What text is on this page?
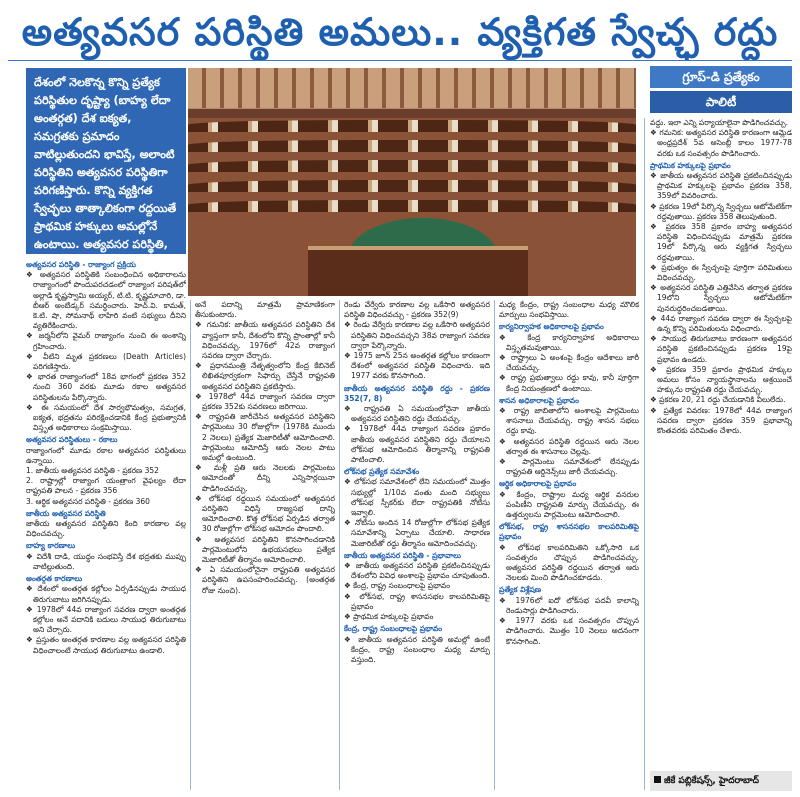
అత్యవసర పరిస్థితి అమలు.. వ్యక్తిగత స్వేచ్ఛ రద్దు
దేశంలో నెలకొన్న కొన్ని ప్రత్యేక పరిస్థితుల దృష్ట్యా (బాహ్య లేదా అంతర్గత) దేశ ఐక్యత, సమగ్రతకు ప్రమాదం వాటిల్లుతుందని భావిస్తే, అలాంటి పరిస్థితిని అత్యవసర పరిస్థితిగా పరిగణిస్తారు. కొన్ని వ్యక్తిగత స్వేచ్ఛలు తాత్కాలికంగా రద్దయితే ప్రాథమిక హక్కులు అమల్లోనే ఉంటాయి. అత్యవసర పరిస్థితి,
గ్రూప్-డి ప్రత్యేకం
పాలిటీ
అత్యవసర పరిస్థితి - రాజ్యాంగ ప్రక్రియ
❖ అత్యవసర పరిస్థితికి సంబంధించిన అధికారాలను రాజ్యాంగంలో పొందుపరచడంలో రాజ్యాంగ పరిషత్‌లో అల్లాడి కృష్ణస్వామి అయ్యర్, టి.టి. కృష్ణమాచారి, డా. బీఆర్ అంబేడ్కర్ సమర్థించారు. హెచ్.వి. కామత్, కె.టి. షా, సోమనాథ్ లాహిరి వంటి సభ్యులు దీనిని వ్యతిరేకించారు.
❖ జర్మనీలోని వైమర్ రాజ్యాంగం నుంచి ఈ అంశాన్ని గ్రహించారు.
❖ వీటిని మృత ప్రకరణలు (Death Articles) పరిగణిస్తారు.
❖ భారత రాజ్యాంగంలో 18వ భాగంలో ప్రకరణ 352 నుంచి 360 వరకు మూడు రకాల అత్యవసర పరిస్థితులను పేర్కొన్నారు.
❖ ఈ సమయంలో దేశ సార్వభౌమత్వం, సమగ్రత, ఐక్యత, భద్రతను పరిరక్షించడానికి కేంద్ర ప్రభుత్వానికి విస్తృత అధికారాలు సంక్రమిస్తాయి.
అత్యవసర పరిస్థితులు - రకాలు
రాజ్యాంగంలో మూడు రకాల అత్యవసర పరిస్థితులు ఉన్నాయి.
1. జాతీయ అత్యవసర పరిస్థితి - ప్రకరణ 352
2. రాష్ట్రాల్లో రాజ్యాంగ యంత్రాంగ వైఫల్యం లేదా రాష్ట్రపతి పాలన - ప్రకరణ 356
3. ఆర్థిక అత్యవసర పరిస్థితి - ప్రకరణ 360
జాతీయ అత్యవసర పరిస్థితి
జాతీయ అత్యవసర పరిస్థితిని కింది కారణాల వల్ల విధించవచ్చు.
బాహ్య కారణాలు
❖ విదేశీ దాడి, యుద్ధం సంభవిస్తే దేశ భద్రతకు ముప్పు వాటిల్లుతుంది.
అంతర్గత కారణాలు
❖ దేశంలో అంతర్గత కల్లోలం ఏర్పడినప్పుడు సాయుధ తిరుగుబాటు జరిగినప్పుడు.
❖ 1978లో 44వ రాజ్యాంగ సవరణ ద్వారా అంతర్గత కల్లోలం అనే పదానికి బదులు సాయుధ తిరుగుబాటు అని చేర్చారు.
❖ ప్రస్తుతం అంతర్గత కారణాల వల్ల అత్యవసర పరిస్థితి విధించాలంటే సాయుధ తిరుగుబాటు ఉండాలి.
అనే పదాన్ని మాత్రమే ప్రామాణికంగా తీసుకుంటారు.
❖ గమనిక: జాతీయ అత్యవసర పరిస్థితిని దేశ వ్యాప్తంగా కానీ, దేశంలోని కొన్ని ప్రాంతాల్లో కానీ విధించవచ్చు. 1976లో 42వ రాజ్యాంగ సవరణ ద్వారా చేర్చారు.
❖ ప్రధానమంత్రి నేతృత్వంలోని కేంద్ర కేబినెట్ లిఖితపూర్వకంగా సిఫార్సు చేస్తేనే రాష్ట్రపతి అత్యవసర పరిస్థితిని ప్రకటిస్తారు.
❖ 1978లో 44వ రాజ్యాంగ సవరణ ద్వారా ప్రకరణ 352కు సవరణలు జరిగాయి.
❖ రాష్ట్రపతి జారీచేసిన అత్యవసర పరిస్థితిని పార్లమెంటు 30 రోజుల్లోగా (1978కి ముందు 2 నెలలు) ప్రత్యేక మెజారిటీతో ఆమోదించాలి. పార్లమెంటు ఆమోదిస్తే ఆరు నెలల పాటు అమల్లో ఉంటుంది.
❖ మళ్లీ ప్రతి ఆరు నెలలకు పార్లమెంటు ఆమోదంతో దీన్ని ఎన్నిసార్లయినా పొడిగించవచ్చు.
❖ లోక్‌సభ రద్దయిన సమయంలో అత్యవసర పరిస్థితిని విధిస్తే రాజ్యసభ దాన్ని ఆమోదించాలి. కొత్త లోక్‌సభ ఏర్పడిన తర్వాత 30 రోజుల్లోగా లోక్‌సభ ఆమోదం పొందాలి.
❖ అత్యవసర పరిస్థితిని కొనసాగించడానికి పార్లమెంటులోని ఉభయసభలు ప్రత్యేక మెజారిటీతో తీర్మానం ఆమోదించాలి.
❖ ఏ సమయంలోనైనా రాష్ట్రపతి అత్యవసర పరిస్థితిని ఉపసంహరించవచ్చు. (అంతర్గత రోజు నుంచి).
రెండు వేర్వేరు కారణాల వల్ల ఒకేసారి అత్యవసర పరిస్థితి విధించవచ్చు - ప్రకరణ 352(9)
❖ రెండు వేర్వేరు కారణాల వల్ల ఒకేసారి అత్యవసర పరిస్థితిని విధించవచ్చని 38వ రాజ్యాంగ సవరణ ద్వారా పేర్కొన్నారు.
❖ 1975 జూన్ 25న అంతర్గత కల్లోలం కారణంగా దేశంలో అత్యవసర పరిస్థితి విధించారు. ఇది 1977 వరకు కొనసాగింది.
జాతీయ అత్యవసర పరిస్థితి రద్దు - ప్రకరణ 352(7, 8)
❖ రాష్ట్రపతి ఏ సమయంలోనైనా జాతీయ అత్యవసర పరిస్థితిని రద్దు చేయవచ్చు.
❖ 1978లో 44వ రాజ్యాంగ సవరణ ప్రకారం జాతీయ అత్యవసర పరిస్థితిని రద్దు చేయాలని లోక్‌సభ ఆమోదించిన తీర్మానాన్ని రాష్ట్రపతి పాటించాలి.
లోక్‌సభ ప్రత్యేక సమావేశం
❖ లోక్‌సభ సమావేశంలో లేని సమయంలో మొత్తం సభ్యుల్లో 1/10వ వంతు మంది సభ్యులు లోక్‌సభ స్పీకర్‌కు లేదా రాష్ట్రపతికి నోటీసు ఇవ్వాలి.
❖ నోటీసు అందిన 14 రోజుల్లోగా లోక్‌సభ ప్రత్యేక సమావేశాన్ని ఏర్పాటు చేయాలి. సాధారణ మెజారిటీతో రద్దు తీర్మానం ఆమోదించవచ్చు.
జాతీయ అత్యవసర పరిస్థితి - ప్రభావాలు
❖ జాతీయ అత్యవసర పరిస్థితి ప్రకటించినప్పుడు దేశంలోని వివిధ అంశాలపై ప్రభావం చూపుతుంది.
❖ కేంద్ర, రాష్ట్ర సంబంధాలపై ప్రభావం
❖ లోక్‌సభ, రాష్ట్ర శాసనసభల కాలపరిమితిపై ప్రభావం
❖ ప్రాథమిక హక్కులపై ప్రభావం
కేంద్ర, రాష్ట్ర సంబంధాలపై ప్రభావం
❖ జాతీయ అత్యవసర పరిస్థితి అమల్లో ఉంటే కేంద్రం, రాష్ట్ర సంబంధాల మధ్య మార్పు వస్తుంది.
మధ్య కేంద్రం, రాష్ట్ర సంబంధాల మధ్య మౌలిక మార్పులు సంభవిస్తాయి.
కార్యనిర్వాహక అధికారాలపై ప్రభావం
❖ కేంద్ర కార్యనిర్వాహక అధికారాలు విస్తృతమవుతాయి.
❖ రాష్ట్రాలు ఏ అంశంపై కేంద్రం ఆదేశాలు జారీ చేయవచ్చు.
❖ రాష్ట్ర ప్రభుత్వాలు రద్దు కావు, కానీ పూర్తిగా కేంద్ర నియంత్రణలో ఉంటాయి.
శాసన అధికారాలపై ప్రభావం
❖ రాష్ట్ర జాబితాలోని అంశాలపై పార్లమెంటు శాసనాలు చేయవచ్చు. రాష్ట్ర శాసన సభలు రద్దు కావు.
❖ అత్యవసర పరిస్థితి రద్దయిన ఆరు నెలల తర్వాత ఈ శాసనాలు చెల్లవు.
❖ పార్లమెంటు సమావేశంలో లేనప్పుడు రాష్ట్రపతి ఆర్డినెన్స్‌లు జారీ చేయవచ్చు.
ఆర్థిక అధికారాలపై ప్రభావం
❖ కేంద్రం, రాష్ట్రాల మధ్య ఆర్థిక వనరుల పంపిణీని రాష్ట్రపతి మార్పు చేయవచ్చు. ఈ ఉత్తర్వులను పార్లమెంటు ఆమోదించాలి.
లోక్‌సభ, రాష్ట్ర శాసనసభల కాలపరిమితిపై ప్రభావం
❖ లోక్‌సభ కాలపరిమితిని ఒక్కోసారి ఒక సంవత్సరం చొప్పున పొడిగించవచ్చు. అత్యవసర పరిస్థితి రద్దయిన తర్వాత ఆరు నెలలకు మించి పొడిగించకూడదు.
ప్రత్యేక విశ్లేషణ
❖ 1976లో ఐదో లోక్‌సభ పదవీ కాలాన్ని రెండుసార్లు పొడిగించారు.
❖ 1977 వరకు ఒక సంవత్సరం చొప్పున పొడిగించారు. మొత్తం 10 నెలలు అదనంగా కొనసాగింది.
వద్దు. ఇలా ఎన్ని పర్యాయాలైనా పొడిగించవచ్చు.
❖ గమనిక: అత్యవసర పరిస్థితి కారణంగా ఆమ్లెడ అంధ్రప్రదేశ్ 5వ అసెంబ్లీ కాలం 1977-78 వరకు ఒక సంవత్సరం పొడిగించారు.
ప్రాథమిక హక్కులపై ప్రభావం
❖ జాతీయ అత్యవసర పరిస్థితి ప్రకటించినప్పుడు ప్రాథమిక హక్కులపై ప్రభావం ప్రకరణ 358, 359లో వివరించారు.
❖ ప్రకరణ 19లో పేర్కొన్న స్వేచ్ఛలు ఆటోమేటిక్‌గా రద్దవుతాయి. ప్రకరణ 358 తెలుపుతుంది.
❖ ప్రకరణ 358 ప్రకారం బాహ్య అత్యవసర పరిస్థితి విధించినప్పుడు మాత్రమే ప్రకరణ 19లో పేర్కొన్న ఆరు వ్యక్తిగత స్వేచ్ఛలు రద్దవుతాయి.
❖ ప్రభుత్వం ఈ స్వేచ్ఛలపై పూర్తిగా పరిమితులు విధించవచ్చు.
❖ అత్యవసర పరిస్థితి ఎత్తివేసిన తర్వాత ప్రకరణ 19లోని స్వేచ్ఛలు ఆటోమేటిక్‌గా పునరుద్ధరించబడతాయి.
❖ 44వ రాజ్యాంగ సవరణ ద్వారా ఈ స్వేచ్ఛలపై ఉన్న కొన్ని పరిమితులను విధించారు.
❖ సాయుధ తిరుగుబాటు కారణంగా అత్యవసర పరిస్థితి ప్రకటించినప్పుడు ప్రకరణ 19పై ప్రభావం ఉండదు.
❖ ప్రకరణ 359 ప్రకారం ప్రాథమిక హక్కుల అమలు కోసం న్యాయస్థానాలను ఆశ్రయించే హక్కును రాష్ట్రపతి రద్దు చేయవచ్చు.
❖ ప్రకరణ 20, 21 రద్దు చేయడానికి వీలులేదు.
❖ ప్రత్యేక వివరణ: 1978లో 44వ రాజ్యాంగ సవరణ ద్వారా ప్రకరణ 359 ప్రభావాన్ని కొంతవరకు పరిమితం చేశారు.
జీకే పబ్లికేషన్స్, హైదరాబాద్
